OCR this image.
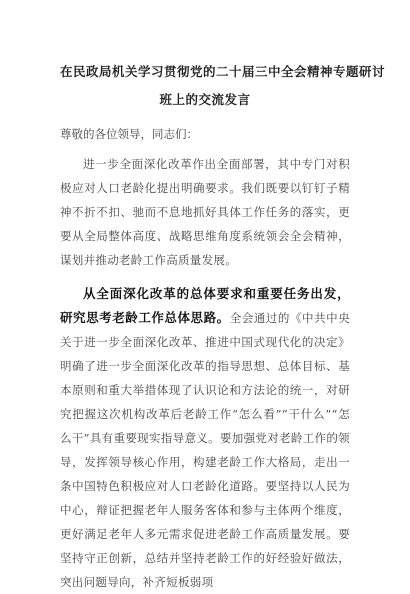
在民政局机关学习贯彻党的二十届三中全会精神专题研讨
班上的交流发言
尊敬的各位领导，同志们：

进一步全面深化改革作出全面部署，其中专门对积极应对人口老龄化提出明确要求。我们既要以钉钉子精神不折不扣、驰而不息地抓好具体工作任务的落实，更要从全局整体高度、战略思维角度系统领会全会精神，谋划并推动老龄工作高质量发展。

从全面深化改革的总体要求和重要任务出发，研究思考老龄工作总体思路。全会通过的《中共中央关于进一步全面深化改革、推进中国式现代化的决定》明确了进一步全面深化改革的指导思想、总体目标、基本原则和重大举措体现了认识论和方法论的统一，对研究把握这次机构改革后老龄工作“怎么看”“干什么”“怎么干”具有重要现实指导意义。要加强党对老龄工作的领导，发挥领导核心作用，构建老龄工作大格局，走出一条中国特色积极应对人口老龄化道路。要坚持以人民为中心，辩证把握老年人服务客体和参与主体两个维度，更好满足老年人多元需求促进老龄工作高质量发展。要坚持守正创新，总结并坚持老龄工作的好经验好做法，突出问题导向，补齐短板弱项
